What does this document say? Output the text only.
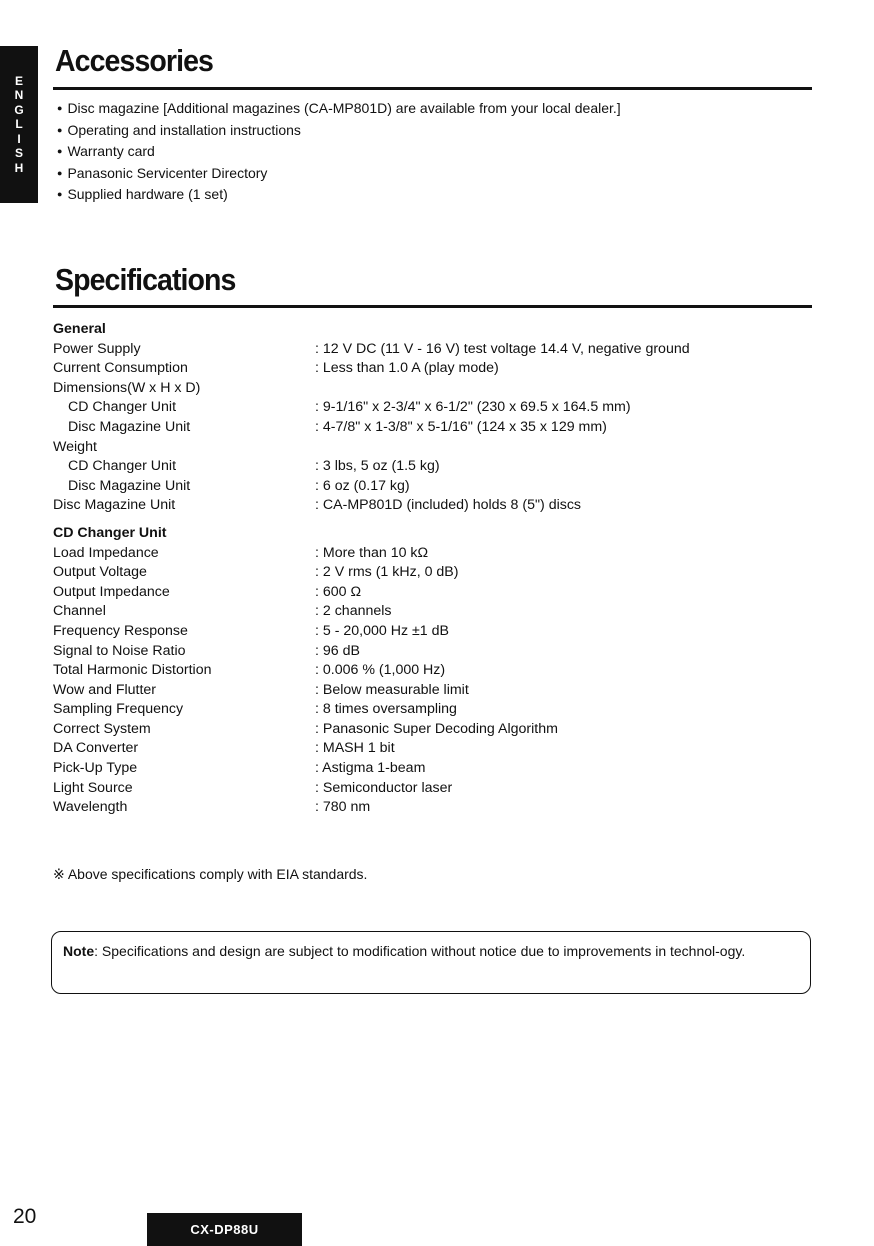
E
N
G
L
I
S
H
Accessories
● Disc magazine [Additional magazines (CA-MP801D) are available from your local dealer.]
● Operating and installation instructions
● Warranty card
● Panasonic Servicenter Directory
● Supplied hardware (1 set)
Specifications
General
Power Supply	: 12 V DC (11 V - 16 V) test voltage 14.4 V, negative ground
Current Consumption	: Less than 1.0 A (play mode)
Dimensions(W x H x D)
CD Changer Unit	: 9-1/16" x 2-3/4" x 6-1/2" (230 x 69.5 x 164.5 mm)
Disc Magazine Unit	: 4-7/8" x 1-3/8" x 5-1/16" (124 x 35 x 129 mm)
Weight
CD Changer Unit	: 3 lbs, 5 oz (1.5 kg)
Disc Magazine Unit	: 6 oz (0.17 kg)
Disc Magazine Unit	: CA-MP801D (included) holds 8 (5") discs
CD Changer Unit
Load Impedance	: More than 10 kΩ
Output Voltage	: 2 V rms (1 kHz, 0 dB)
Output Impedance	: 600 Ω
Channel	: 2 channels
Frequency Response	: 5 - 20,000 Hz ±1 dB
Signal to Noise Ratio	: 96 dB
Total Harmonic Distortion	: 0.006 % (1,000 Hz)
Wow and Flutter	: Below measurable limit
Sampling Frequency	: 8 times oversampling
Correct System	: Panasonic Super Decoding Algorithm
DA Converter	: MASH 1 bit
Pick-Up Type	: Astigma 1-beam
Light Source	: Semiconductor laser
Wavelength	: 780 nm
※ Above specifications comply with EIA standards.
Note: Specifications and design are subject to modification without notice due to improvements in technol-ogy.
20
CX-DP88U
